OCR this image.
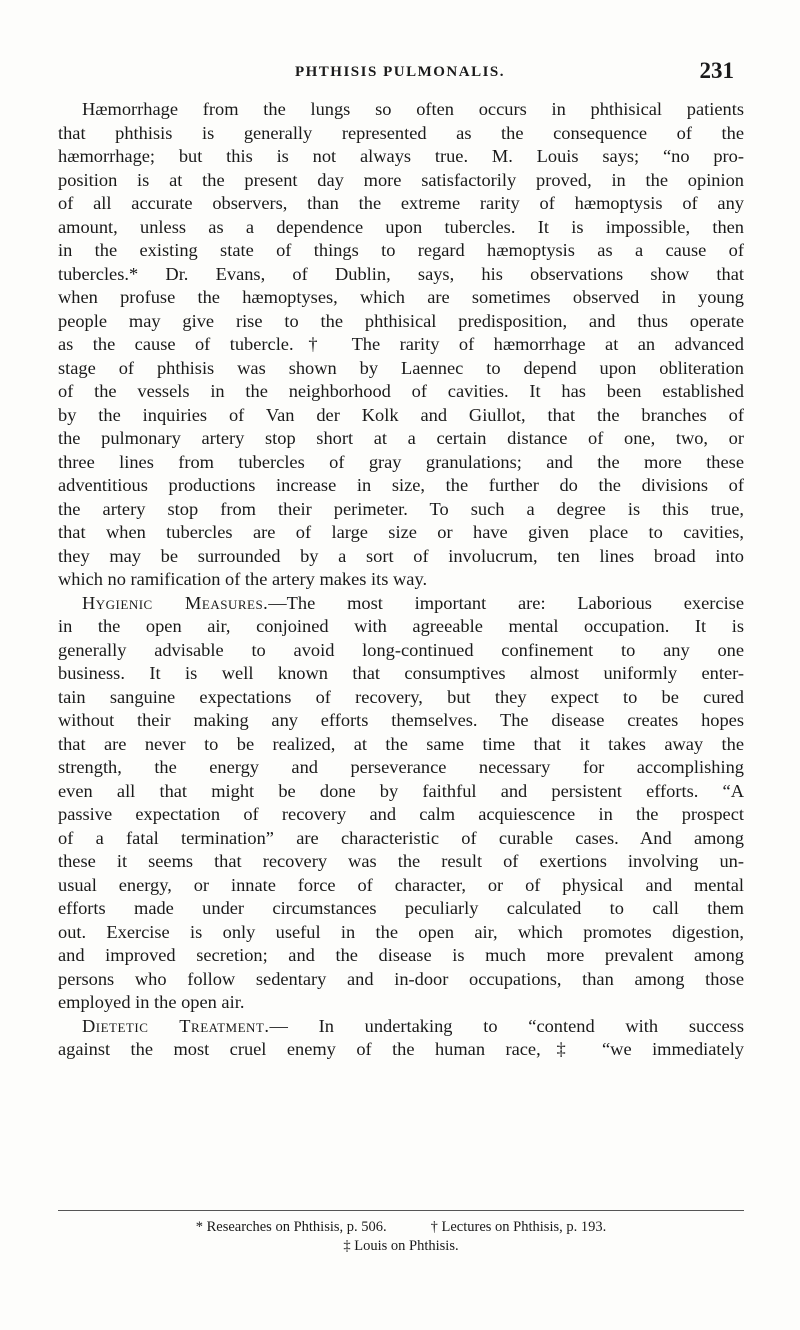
PHTHISIS PULMONALIS.	231
Hæmorrhage from the lungs so often occurs in phthisical patients
that phthisis is generally represented as the consequence of the
hæmorrhage; but this is not always true. M. Louis says; “no pro-
position is at the present day more satisfactorily proved, in the opinion
of all accurate observers, than the extreme rarity of hæmoptysis of any
amount, unless as a dependence upon tubercles. It is impossible, then
in the existing state of things to regard hæmoptysis as a cause of
tubercles.* Dr. Evans, of Dublin, says, his observations show that
when profuse the hæmoptyses, which are sometimes observed in young
people may give rise to the phthisical predisposition, and thus operate
as the cause of tubercle.† The rarity of hæmorrhage at an advanced
stage of phthisis was shown by Laennec to depend upon obliteration
of the vessels in the neighborhood of cavities. It has been established
by the inquiries of Van der Kolk and Giullot, that the branches of
the pulmonary artery stop short at a certain distance of one, two, or
three lines from tubercles of gray granulations; and the more these
adventitious productions increase in size, the further do the divisions of
the artery stop from their perimeter. To such a degree is this true,
that when tubercles are of large size or have given place to cavities,
they may be surrounded by a sort of involucrum, ten lines broad into
which no ramification of the artery makes its way.
Hygienic Measures.—The most important are: Laborious exercise
in the open air, conjoined with agreeable mental occupation. It is
generally advisable to avoid long-continued confinement to any one
business. It is well known that consumptives almost uniformly enter-
tain sanguine expectations of recovery, but they expect to be cured
without their making any efforts themselves. The disease creates hopes
that are never to be realized, at the same time that it takes away the
strength, the energy and perseverance necessary for accomplishing
even all that might be done by faithful and persistent efforts. “A
passive expectation of recovery and calm acquiescence in the prospect
of a fatal termination” are characteristic of curable cases. And among
these it seems that recovery was the result of exertions involving un-
usual energy, or innate force of character, or of physical and mental
efforts made under circumstances peculiarly calculated to call them
out. Exercise is only useful in the open air, which promotes digestion,
and improved secretion; and the disease is much more prevalent among
persons who follow sedentary and in-door occupations, than among those
employed in the open air.
Dietetic Treatment.— In undertaking to “contend with success
against the most cruel enemy of the human race,‡ “we immediately
* Researches on Phthisis, p. 506.	† Lectures on Phthisis, p. 193.
‡ Louis on Phthisis.
